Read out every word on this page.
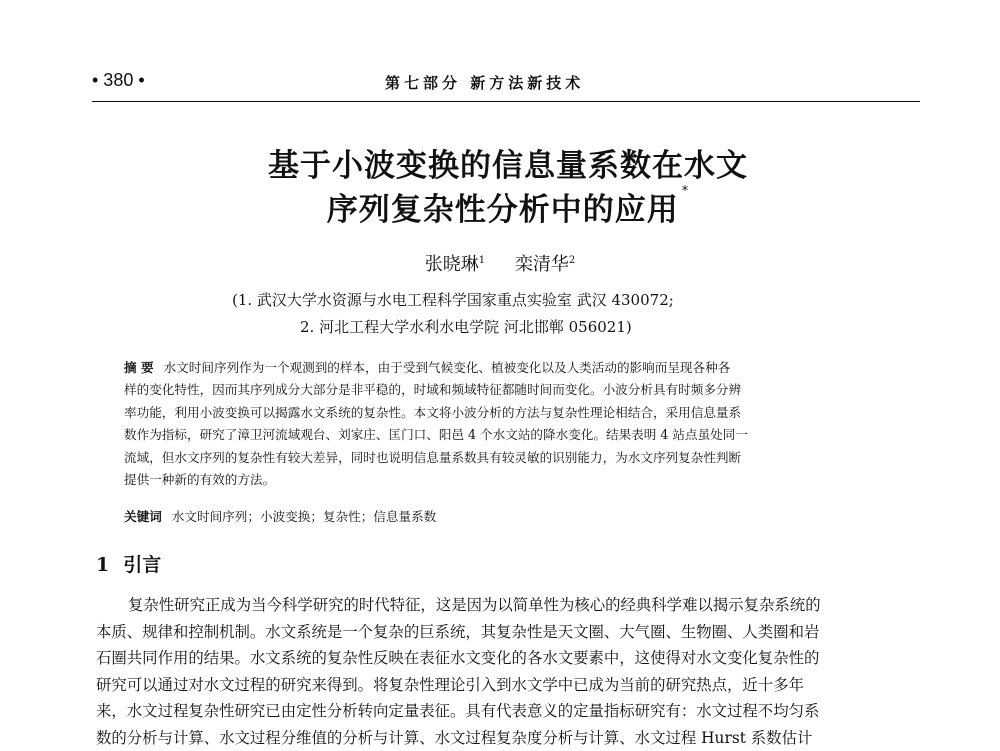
• 380 •	第七部分 新方法新技术
基于小波变换的信息量系数在水文
序列复杂性分析中的应用*
张晓琳$^1$ 栾清华$^2$
(1. 武汉大学水资源与水电工程科学国家重点实验室 武汉 430072;
2. 河北工程大学水利水电学院 河北邯郸 056021)
摘 要 水文时间序列作为一个观测到的样本，由于受到气候变化、植被变化以及人类活动的影响而呈现各种各
样的变化特性，因而其序列成分大部分是非平稳的，时域和频域特征都随时间而变化。小波分析具有时频多分辨
率功能，利用小波变换可以揭露水文系统的复杂性。本文将小波分析的方法与复杂性理论相结合，采用信息量系
数作为指标，研究了漳卫河流域观台、刘家庄、匡门口、阳邑 4 个水文站的降水变化。结果表明 4 站点虽处同一
流域，但水文序列的复杂性有较大差异，同时也说明信息量系数具有较灵敏的识别能力，为水文序列复杂性判断
提供一种新的有效的方法。
关键词 水文时间序列；小波变换；复杂性；信息量系数
1 引言
复杂性研究正成为当今科学研究的时代特征，这是因为以简单性为核心的经典科学难以揭示复杂系统的
本质、规律和控制机制。水文系统是一个复杂的巨系统，其复杂性是天文圈、大气圈、生物圈、人类圈和岩
石圈共同作用的结果。水文系统的复杂性反映在表征水文变化的各水文要素中，这使得对水文变化复杂性的
研究可以通过对水文过程的研究来得到。将复杂性理论引入到水文学中已成为当前的研究热点，近十多年
来，水文过程复杂性研究已由定性分析转向定量表征。具有代表意义的定量指标研究有：水文过程不均匀系
数的分析与计算、水文过程分维值的分析与计算、水文过程复杂度分析与计算、水文过程 Hurst 系数估计
